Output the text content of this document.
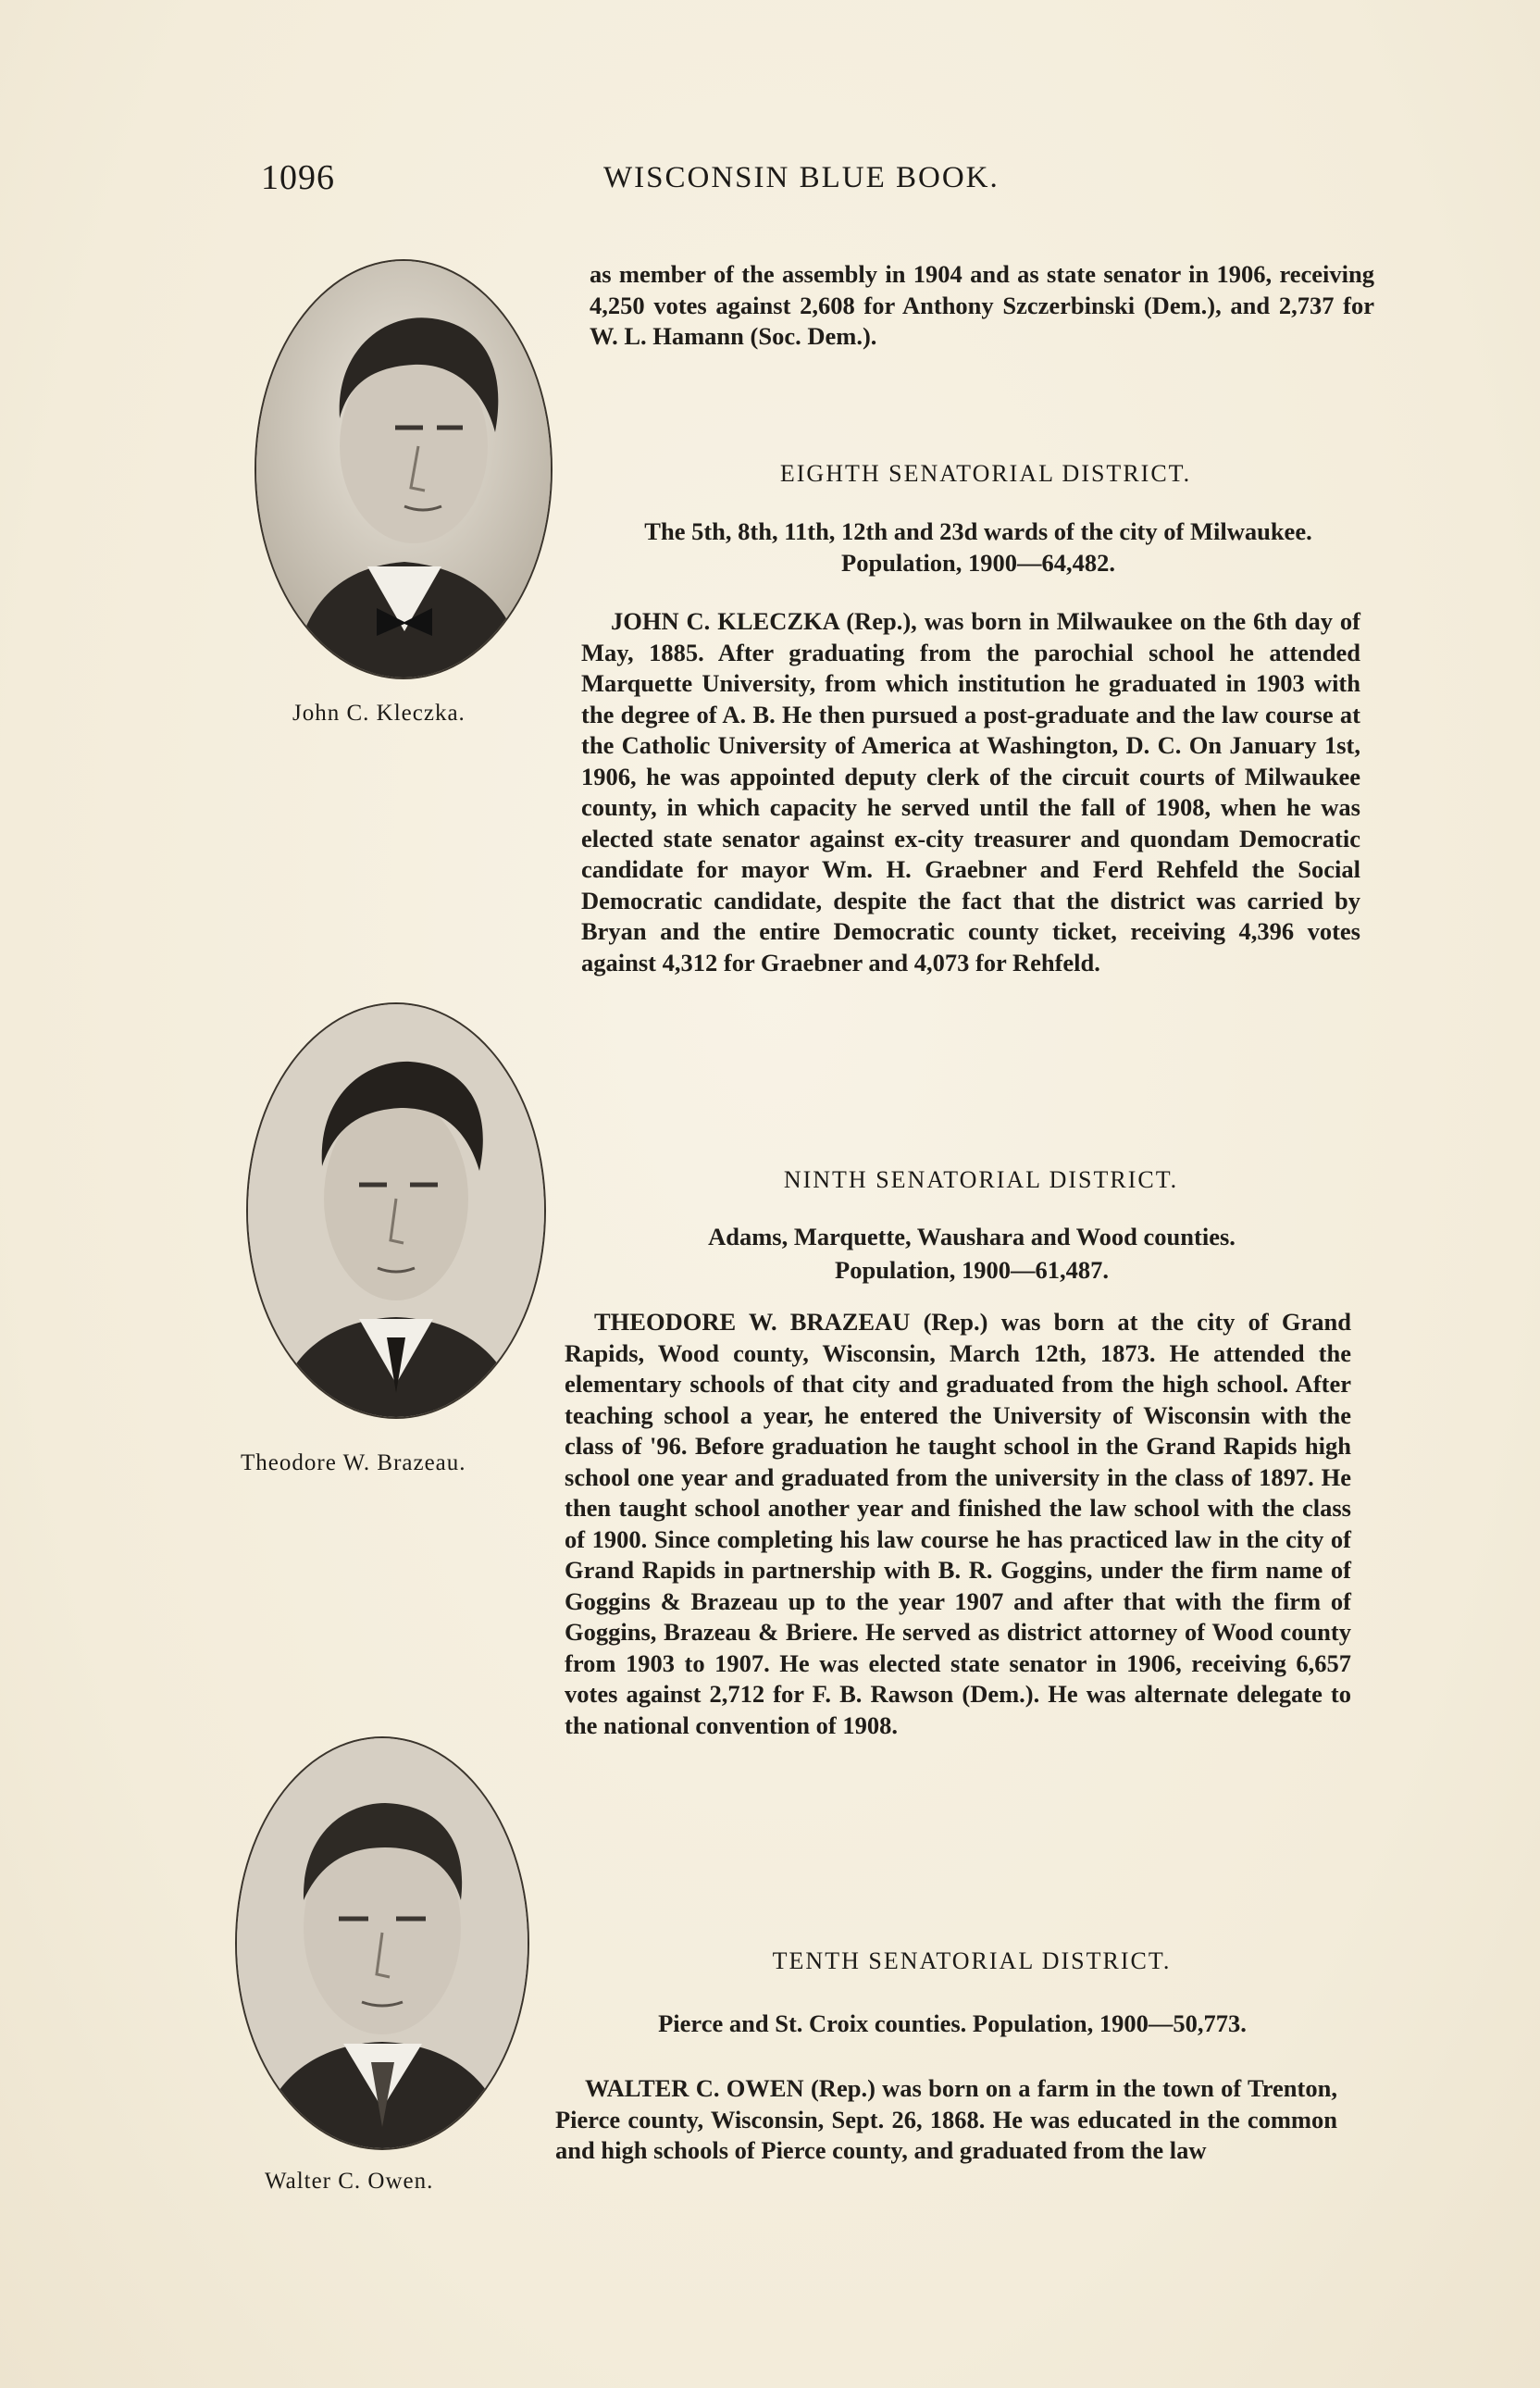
1096	WISCONSIN BLUE BOOK.
John C. Kleczka.
Theodore W. Brazeau.
Walter C. Owen.

as member of the assembly in 1904 and as state senator in 1906, receiving 4,250 votes against 2,608 for Anthony Szczerbinski (Dem.), and 2,737 for W. L. Hamann (Soc. Dem.).

EIGHTH SENATORIAL DISTRICT.

The 5th, 8th, 11th, 12th and 23d wards of the city of Milwaukee. Population, 1900—64,482.

JOHN C. KLECZKA (Rep.), was born in Milwaukee on the 6th day of May, 1885. After graduating from the parochial school he attended Marquette University, from which institution he graduated in 1903 with the degree of A. B. He then pursued a post-graduate and the law course at the Catholic University of America at Washington, D. C. On January 1st, 1906, he was appointed deputy clerk of the circuit courts of Milwaukee county, in which capacity he served until the fall of 1908, when he was elected state senator against ex-city treasurer and quondam Democratic candidate for mayor Wm. H. Graebner and Ferd Rehfeld the Social Democratic candidate, despite the fact that the district was carried by Bryan and the entire Democratic county ticket, receiving 4,396 votes against 4,312 for Graebner and 4,073 for Rehfeld.

NINTH SENATORIAL DISTRICT.
Adams, Marquette, Waushara and Wood counties.
Population, 1900—61,487.

THEODORE W. BRAZEAU (Rep.) was born at the city of Grand Rapids, Wood county, Wisconsin, March 12th, 1873. He attended the elementary schools of that city and graduated from the high school. After teaching school a year, he entered the University of Wisconsin with the class of '96. Before graduation he taught school in the Grand Rapids high school one year and graduated from the university in the class of 1897. He then taught school another year and finished the law school with the class of 1900. Since completing his law course he has practiced law in the city of Grand Rapids in partnership with B. R. Goggins, under the firm name of Goggins & Brazeau up to the year 1907 and after that with the firm of Goggins, Brazeau & Briere. He served as district attorney of Wood county from 1903 to 1907. He was elected state senator in 1906, receiving 6,657 votes against 2,712 for F. B. Rawson (Dem.). He was alternate delegate to the national convention of 1908.

TENTH SENATORIAL DISTRICT.

Pierce and St. Croix counties. Population, 1900—50,773.

WALTER C. OWEN (Rep.) was born on a farm in the town of Trenton, Pierce county, Wisconsin, Sept. 26, 1868. He was educated in the common and high schools of Pierce county, and graduated from the law
